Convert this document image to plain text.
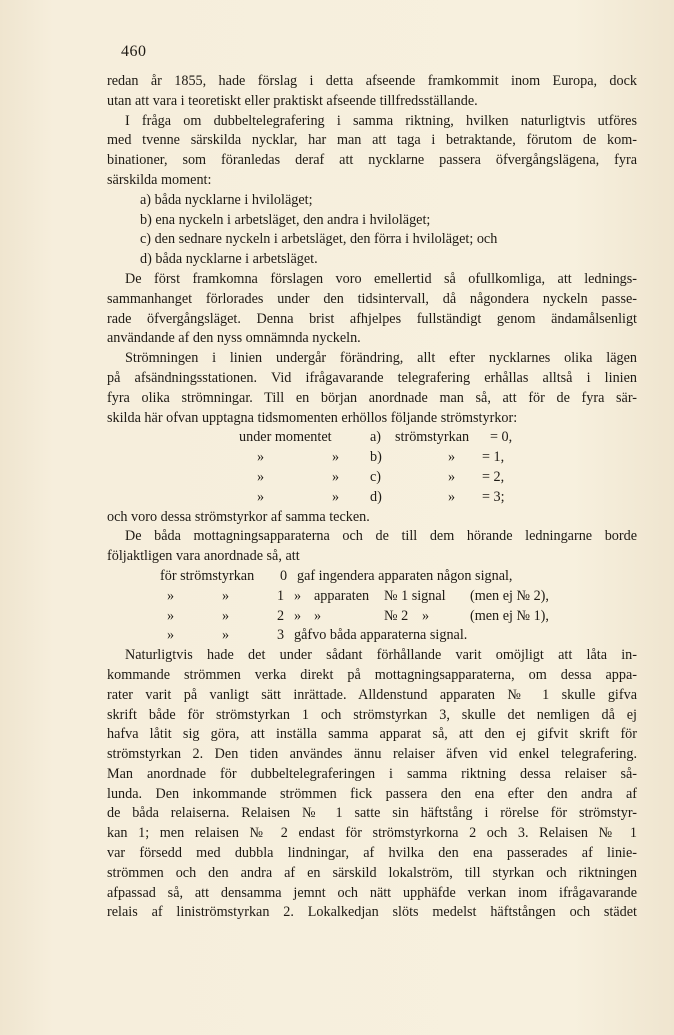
460
redan år 1855, hade förslag i detta afseende framkommit inom Europa, dock
utan att vara i teoretiskt eller praktiskt afseende tillfredsställande.
I fråga om dubbeltelegrafering i samma riktning, hvilken naturligtvis utföres
med tvenne särskilda nycklar, har man att taga i betraktande, förutom de kom-
binationer, som föranledas deraf att nycklarne passera öfvergångslägena, fyra
särskilda moment:
a) båda nycklarne i hviloläget;
b) ena nyckeln i arbetsläget, den andra i hviloläget;
c) den sednare nyckeln i arbetsläget, den förra i hviloläget; och
d) båda nycklarne i arbetsläget.
De först framkomna förslagen voro emellertid så ofullkomliga, att lednings-
sammanhanget förlorades under den tidsintervall, då någondera nyckeln passe-
rade öfvergångsläget. Denna brist afhjelpes fullständigt genom ändamålsenligt
användande af den nyss omnämnda nyckeln.
Strömningen i linien undergår förändring, allt efter nycklarnes olika lägen
på afsändningsstationen. Vid ifrågavarande telegrafering erhållas alltså i linien
fyra olika strömningar. Till en början anordnade man så, att för de fyra sär-
skilda här ofvan upptagna tidsmomenten erhöllos följande strömstyrkor:
under momentet	a) strömstyrkan	= 0,
»	»	b)	»	= 1,
»	»	c)	»	= 2,
»	»	d)	»	= 3;
och voro dessa strömstyrkor af samma tecken.
De båda mottagningsapparaterna och de till dem hörande ledningarne borde
följaktligen vara anordnade så, att
för strömstyrkan	0 gaf ingendera apparaten någon signal,
»	»	1 » apparaten	№ 1 signal	(men ej № 2),
»	»	2 » »	№ 2 »	(men ej № 1),
»	»	3 gåfvo båda apparaterna signal.
Naturligtvis hade det under sådant förhållande varit omöjligt att låta in-
kommande strömmen verka direkt på mottagningsapparaterna, om dessa appa-
rater varit på vanligt sätt inrättade. Alldenstund apparaten № 1 skulle gifva
skrift både för strömstyrkan 1 och strömstyrkan 3, skulle det nemligen då ej
hafva låtit sig göra, att inställa samma apparat så, att den ej gifvit skrift för
strömstyrkan 2. Den tiden användes ännu relaiser äfven vid enkel telegrafering.
Man anordnade för dubbeltelegraferingen i samma riktning dessa relaiser så-
lunda. Den inkommande strömmen fick passera den ena efter den andra af
de båda relaiserna. Relaisen № 1 satte sin häftstång i rörelse för strömstyr-
kan 1; men relaisen № 2 endast för strömstyrkorna 2 och 3. Relaisen № 1
var försedd med dubbla lindningar, af hvilka den ena passerades af linie-
strömmen och den andra af en särskild lokalström, till styrkan och riktningen
afpassad så, att densamma jemnt och nätt upphäfde verkan inom ifrågavarande
relais af liniströmstyrkan 2. Lokalkedjan slöts medelst häftstången och städet
